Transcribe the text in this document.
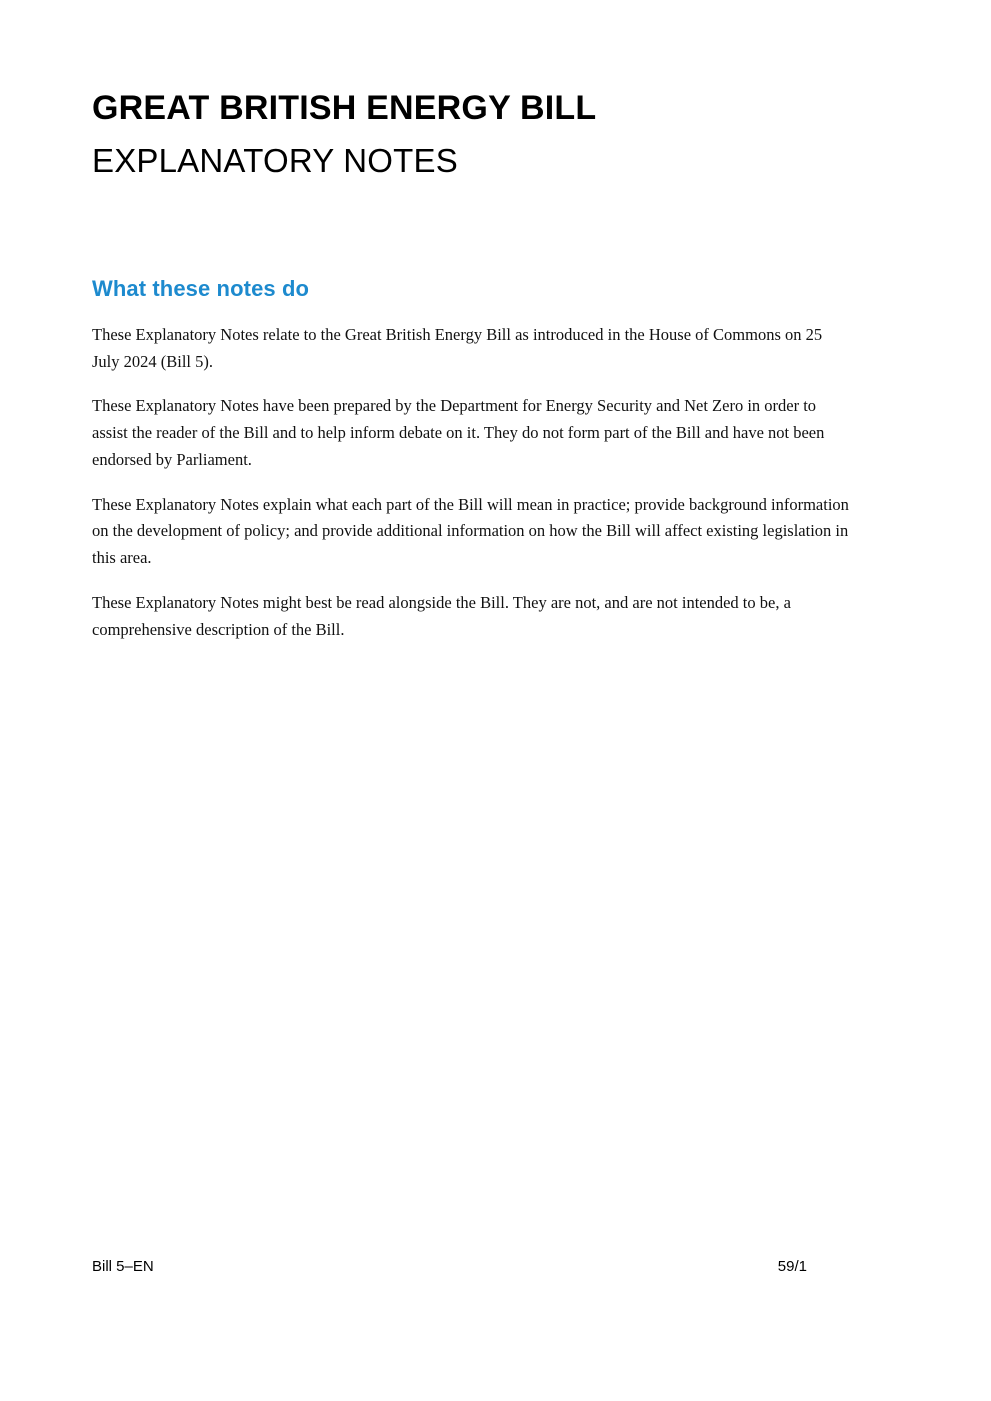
GREAT BRITISH ENERGY BILL
EXPLANATORY NOTES
What these notes do

These Explanatory Notes relate to the Great British Energy Bill as introduced in the House of Commons on 25 July 2024 (Bill 5).

These Explanatory Notes have been prepared by the Department for Energy Security and Net Zero in order to assist the reader of the Bill and to help inform debate on it. They do not form part of the Bill and have not been endorsed by Parliament.

These Explanatory Notes explain what each part of the Bill will mean in practice; provide background information on the development of policy; and provide additional information on how the Bill will affect existing legislation in this area.

These Explanatory Notes might best be read alongside the Bill. They are not, and are not intended to be, a comprehensive description of the Bill.

Bill 5–EN	59/1
